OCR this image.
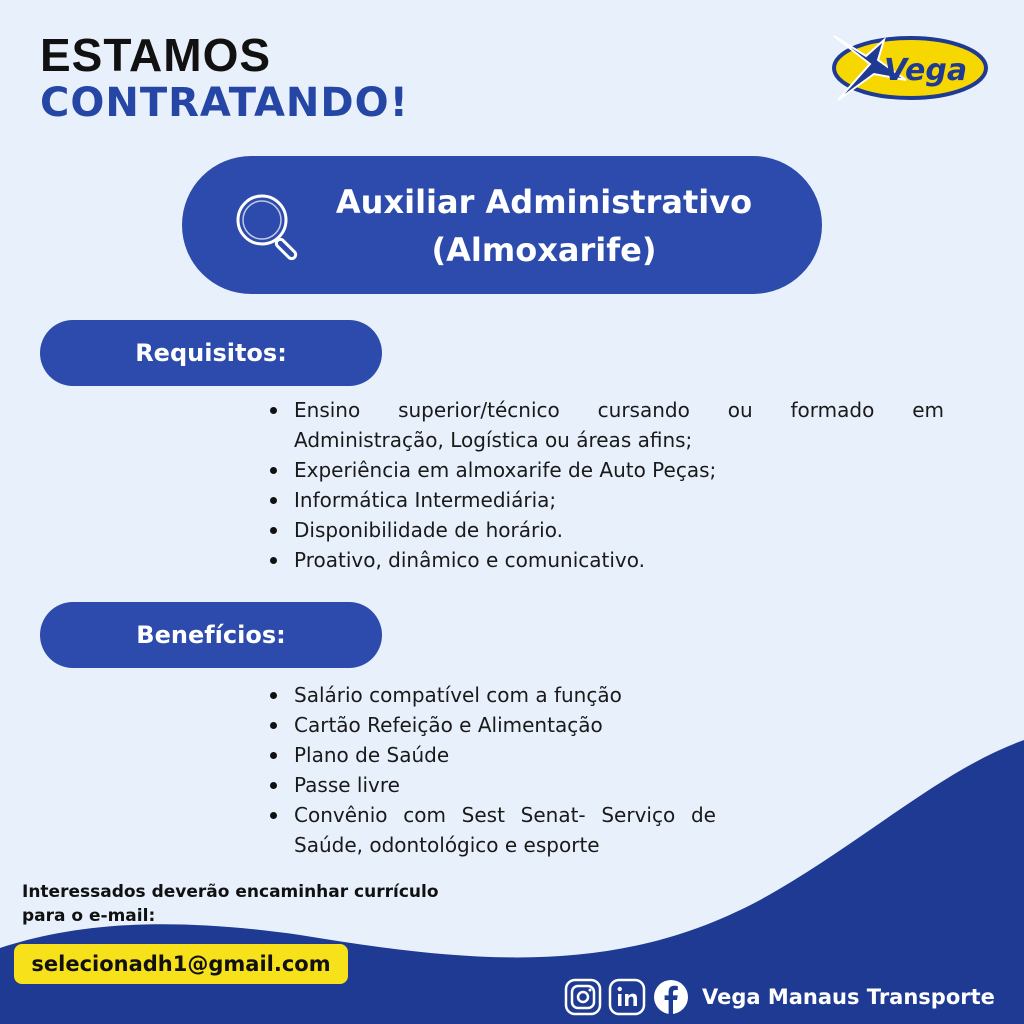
ESTAMOS
CONTRATANDO!
Vega
Auxiliar Administrativo
(Almoxarife)
Requisitos:
Ensino superior/técnico cursando ou formado em
Administração, Logística ou áreas afins;
Experiência em almoxarife de Auto Peças;
Informática Intermediária;
Disponibilidade de horário.
Proativo, dinâmico e comunicativo.
Benefícios:
Salário compatível com a função
Cartão Refeição e Alimentação
Plano de Saúde
Passe livre
Convênio com Sest Senat- Serviço de
Saúde, odontológico e esporte
Interessados deverão encaminhar currículo
para o e-mail:
selecionadh1@gmail.com
Vega Manaus Transporte
